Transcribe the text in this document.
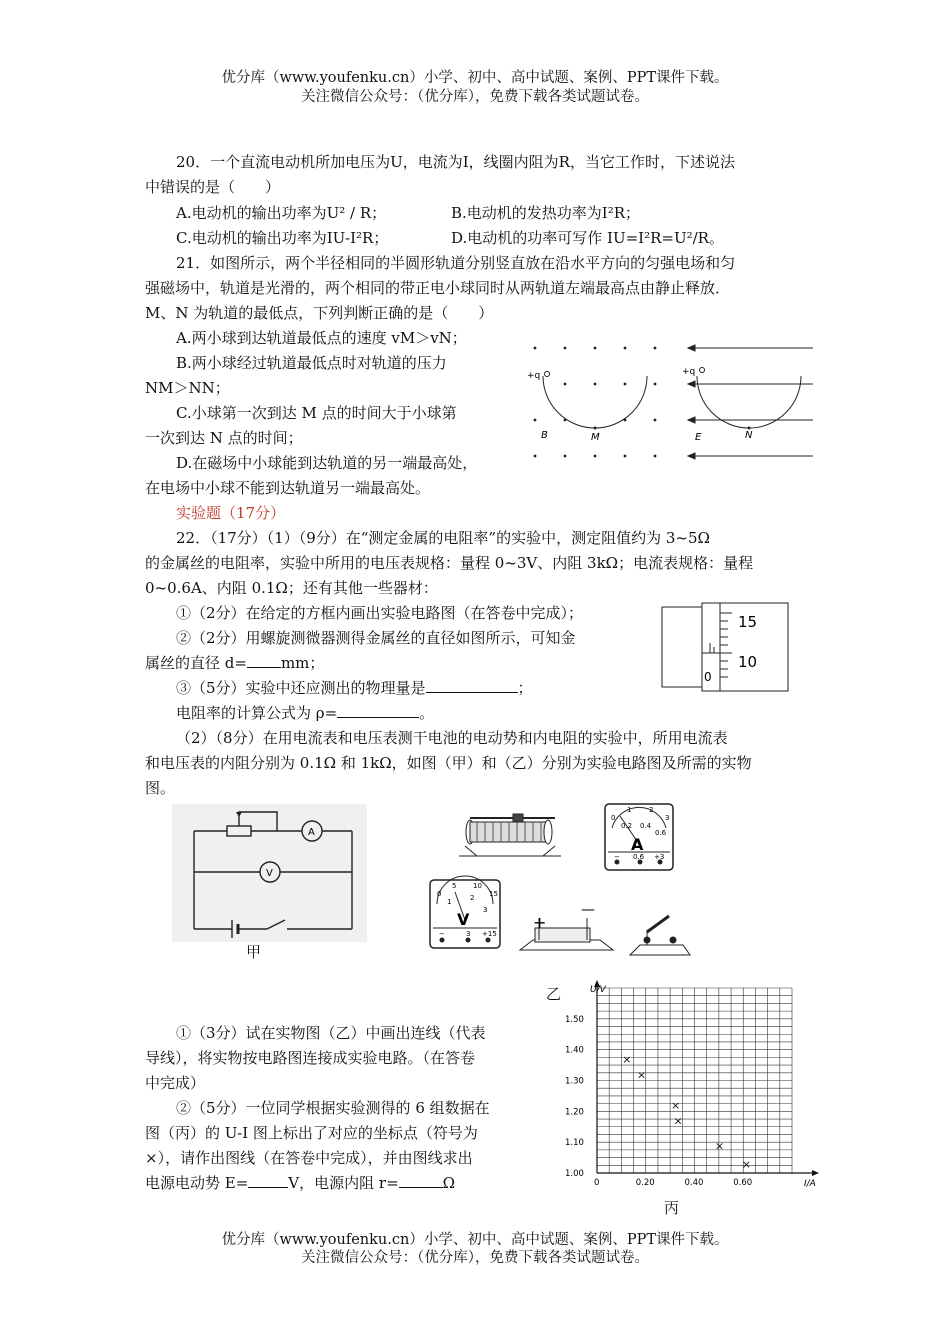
优分库（www.youfenku.cn）小学、初中、高中试题、案例、PPT课件下载。
关注微信公众号：（优分库），免费下载各类试题试卷。
20．一个直流电动机所加电压为U，电流为I，线圈内阻为R，当它工作时，下述说法
中错误的是（　　）
A.电动机的输出功率为U² / R；	B.电动机的发热功率为I²R；
C.电动机的输出功率为IU-I²R；	D.电动机的功率可写作 IU=I²R=U²/R。
21．如图所示，两个半径相同的半圆形轨道分别竖直放在沿水平方向的匀强电场和匀
强磁场中，轨道是光滑的，两个相同的带正电小球同时从两轨道左端最高点由静止释放．
M、N 为轨道的最低点，下列判断正确的是（　　）
A.两小球到达轨道最低点的速度 vM＞vN；
B.两小球经过轨道最低点时对轨道的压力
NM＞NN；
C.小球第一次到达 M 点的时间大于小球第
一次到达 N 点的时间；
D.在磁场中小球能到达轨道的另一端最高处，
在电场中小球不能到达轨道另一端最高处。
+q
B	M
+q
E	N
实验题（17分）
22．（17分）（1）（9分）在“测定金属的电阻率”的实验中，测定阻值约为 3~5Ω
的金属丝的电阻率，实验中所用的电压表规格：量程 0~3V、内阻 3kΩ；电流表规格：量程
0~0.6A、内阻 0.1Ω；还有其他一些器材：
①（2分）在给定的方框内画出实验电路图（在答卷中完成）；
②（2分）用螺旋测微器测得金属丝的直径如图所示，可知金
属丝的直径 d= mm；
③（5分）实验中还应测出的物理量是	；
电阻率的计算公式为 ρ=	。
15
10
0
（2）（8分）在用电流表和电压表测干电池的电动势和内电阻的实验中，所用电流表
和电压表的内阻分别为 0.1Ω 和 1kΩ，如图（甲）和（乙）分别为实验电路图及所需的实物
图。
A
V
甲
0
1	2
3
0.2 0.4
0.6
A
− 0.6 +3
0
5 10
15
1	2
3
V
−	3 +15
+
—
乙
①（3分）试在实物图（乙）中画出连线（代表
导线），将实物按电路图连接成实验电路。（在答卷
中完成）
②（5分）一位同学根据实验测得的 6 组数据在
图（丙）的 U-I 图上标出了对应的坐标点（符号为
×），请作出图线（在答卷中完成），并由图线求出
电源电动势 E=	V，电源内阻 r=	Ω	0	0.20	0.40	0.60
1.00
1.10
1.20
1.30
1.40
1.50
×
×
×
×
×
×
U/V
I/A
丙
优分库（www.youfenku.cn）小学、初中、高中试题、案例、PPT课件下载。
关注微信公众号：（优分库），免费下载各类试题试卷。
